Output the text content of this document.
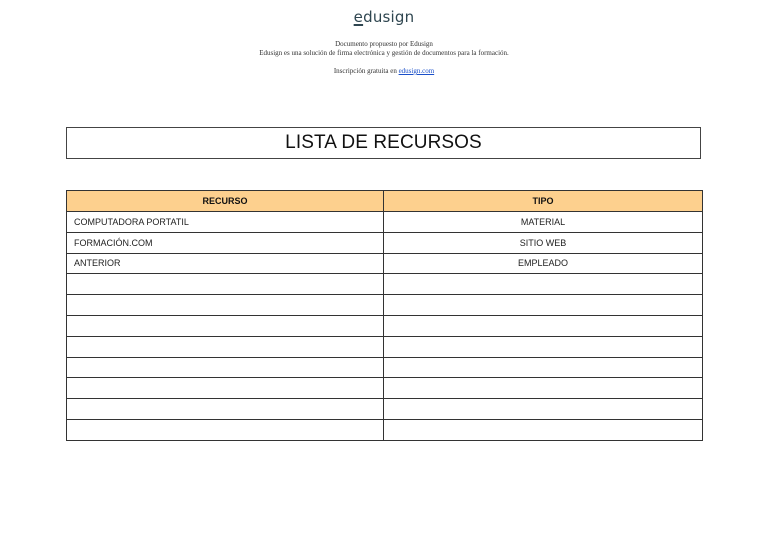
edusign
Documento propuesto por Edusign
Edusign es una solución de firma electrónica y gestión de documentos para la formación.
Inscripción gratuita en edusign.com
LISTA DE RECURSOS
RECURSO	TIPO
COMPUTADORA PORTATIL	MATERIAL
FORMACIÓN.COM	SITIO WEB
ANTERIOR	EMPLEADO
